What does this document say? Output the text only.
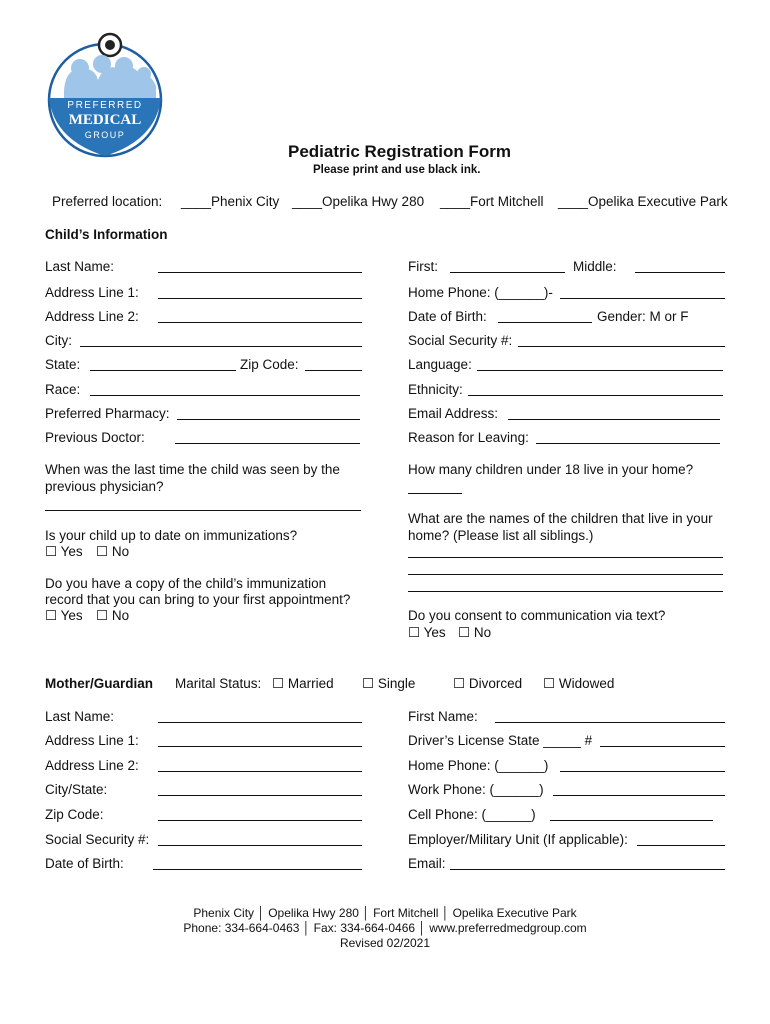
PREFERRED
MEDICAL
GROUP
Pediatric Registration Form
Please print and use black ink.
Preferred location: ____Phenix City ____Opelika Hwy 280 ____Fort Mitchell ____Opelika Executive Park
Child’s Information
Last Name:	First:	Middle:
Address Line 1:	Home Phone: (______)-
Address Line 2:	Date of Birth:	Gender: M or F
City:	Social Security #:
State:	Zip Code:	Language:
Race:	Ethnicity:
Preferred Pharmacy:	Email Address:
Previous Doctor:	Reason for Leaving:
When was the last time the child was seen by the
previous physician?
How many children under 18 live in your home?
What are the names of the children that live in your
home? (Please list all siblings.)
Is your child up to date on immunizations?
☐ Yes ☐ No
Do you have a copy of the child’s immunization
record that you can bring to your first appointment?
☐ Yes ☐ No	Do you consent to communication via text?
☐ Yes ☐ No
Mother/Guardian Marital Status: ☐ Married ☐ Single	☐ Divorced ☐ Widowed
Last Name:	First Name:
Address Line 1:	Driver’s License State _____ #
Address Line 2:	Home Phone: (______)
City/State:	Work Phone: (______)
Zip Code:	Cell Phone: (______)
Social Security #:	Employer/Military Unit (If applicable):
Date of Birth:	Email:
Phenix City │ Opelika Hwy 280 │ Fort Mitchell │ Opelika Executive Park
Phone: 334-664-0463 │ Fax: 334-664-0466 │ www.preferredmedgroup.com
Revised 02/2021
